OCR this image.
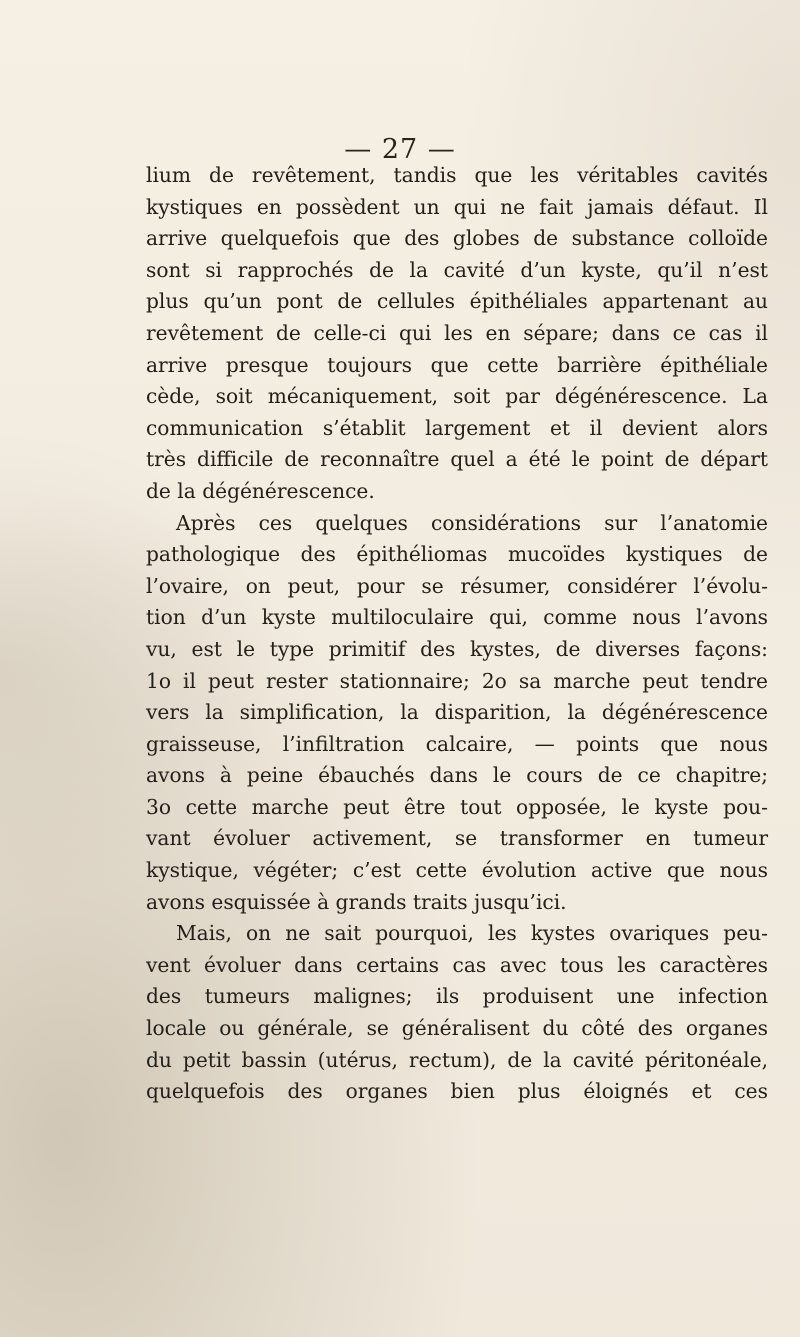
— 27 —
lium de revêtement, tandis que les véritables cavités
kystiques en possèdent un qui ne fait jamais défaut. Il
arrive quelquefois que des globes de substance colloïde
sont si rapprochés de la cavité d’un kyste, qu’il n’est
plus qu’un pont de cellules épithéliales appartenant au
revêtement de celle-ci qui les en sépare; dans ce cas il
arrive presque toujours que cette barrière épithéliale
cède, soit mécaniquement, soit par dégénérescence. La
communication s’établit largement et il devient alors
très difficile de reconnaître quel a été le point de départ
de la dégénérescence.
Après ces quelques considérations sur l’anatomie
pathologique des épithéliomas mucoïdes kystiques de
l’ovaire, on peut, pour se résumer, considérer l’évolu-
tion d’un kyste multiloculaire qui, comme nous l’avons
vu, est le type primitif des kystes, de diverses façons:
1o il peut rester stationnaire; 2o sa marche peut tendre
vers la simplification, la disparition, la dégénérescence
graisseuse, l’infiltration calcaire, — points que nous
avons à peine ébauchés dans le cours de ce chapitre;
3o cette marche peut être tout opposée, le kyste pou-
vant évoluer activement, se transformer en tumeur
kystique, végéter; c’est cette évolution active que nous
avons esquissée à grands traits jusqu’ici.
Mais, on ne sait pourquoi, les kystes ovariques peu-
vent évoluer dans certains cas avec tous les caractères
des tumeurs malignes; ils produisent une infection
locale ou générale, se généralisent du côté des organes
du petit bassin (utérus, rectum), de la cavité péritonéale,
quelquefois des organes bien plus éloignés et ces
